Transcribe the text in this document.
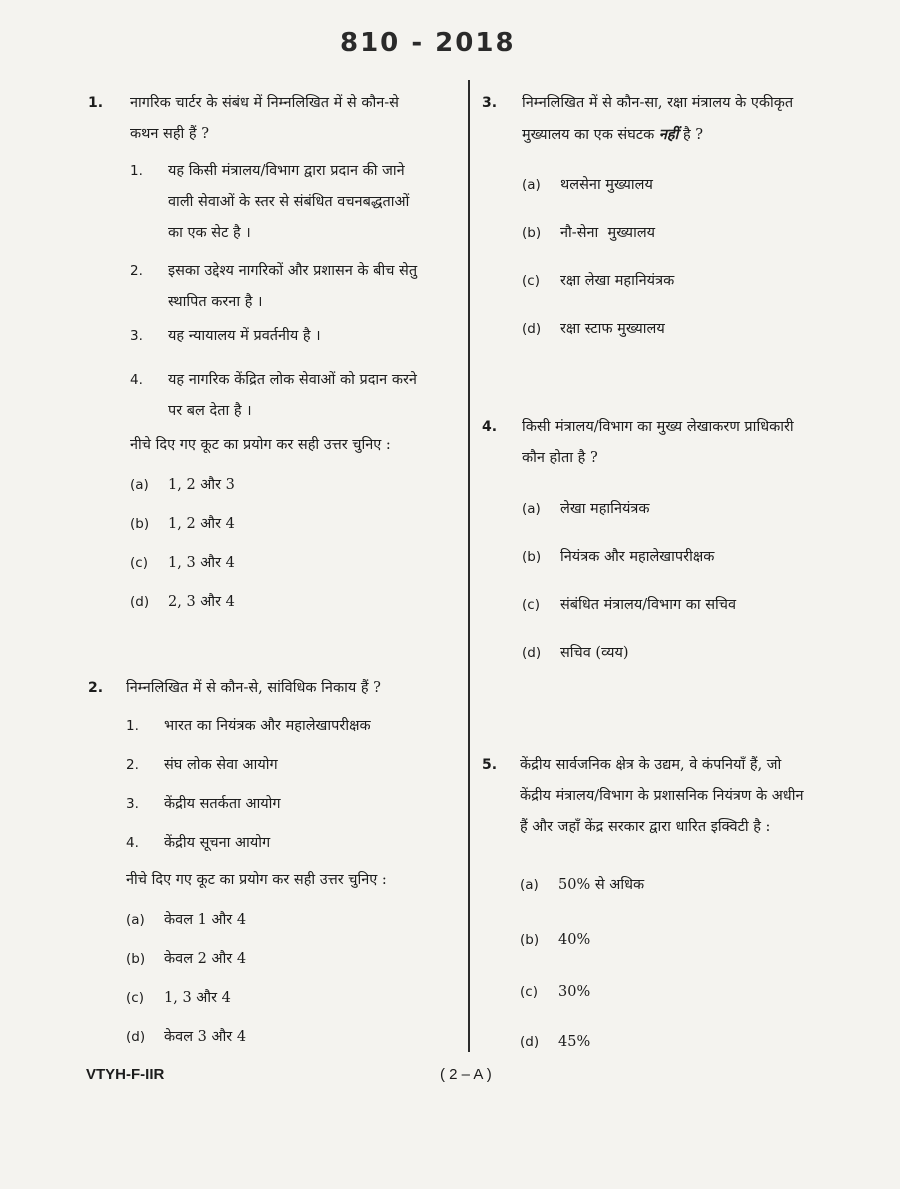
810 - 2018
1. नागरिक चार्टर के संबंध में निम्नलिखित में से कौन-से
कथन सही हैं ?
1. यह किसी मंत्रालय/विभाग द्वारा प्रदान की जाने
वाली सेवाओं के स्तर से संबंधित वचनबद्धताओं
का एक सेट है ।
2. इसका उद्देश्य नागरिकों और प्रशासन के बीच सेतु
स्थापित करना है ।
3. यह न्यायालय में प्रवर्तनीय है ।
4. यह नागरिक केंद्रित लोक सेवाओं को प्रदान करने
पर बल देता है ।
नीचे दिए गए कूट का प्रयोग कर सही उत्तर चुनिए :
(a) 1, 2 और 3
(b) 1, 2 और 4
(c) 1, 3 और 4
(d) 2, 3 और 4
2. निम्नलिखित में से कौन-से, सांविधिक निकाय हैं ?
1. भारत का नियंत्रक और महालेखापरीक्षक
2. संघ लोक सेवा आयोग
3. केंद्रीय सतर्कता आयोग
4. केंद्रीय सूचना आयोग
नीचे दिए गए कूट का प्रयोग कर सही उत्तर चुनिए :
(a) केवल 1 और 4
(b) केवल 2 और 4
(c) 1, 3 और 4
(d) केवल 3 और 4
3. निम्नलिखित में से कौन-सा, रक्षा मंत्रालय के एकीकृत
मुख्यालय का एक संघटक नहीं है ?
(a) थलसेना मुख्यालय
(b) नौ-सेना  मुख्यालय
(c) रक्षा लेखा महानियंत्रक
(d) रक्षा स्टाफ मुख्यालय
4. किसी मंत्रालय/विभाग का मुख्य लेखाकरण प्राधिकारी
कौन होता है ?
(a) लेखा महानियंत्रक
(b) नियंत्रक और महालेखापरीक्षक
(c) संबंधित मंत्रालय/विभाग का सचिव
(d) सचिव (व्यय)
5. केंद्रीय सार्वजनिक क्षेत्र के उद्यम, वे कंपनियाँ हैं, जो
केंद्रीय मंत्रालय/विभाग के प्रशासनिक नियंत्रण के अधीन
हैं और जहाँ केंद्र सरकार द्वारा धारित इक्विटी है :
(a) 50% से अधिक
(b) 40%
(c) 30%
(d) 45%
VTYH-F-IIR	( 2 – A )
